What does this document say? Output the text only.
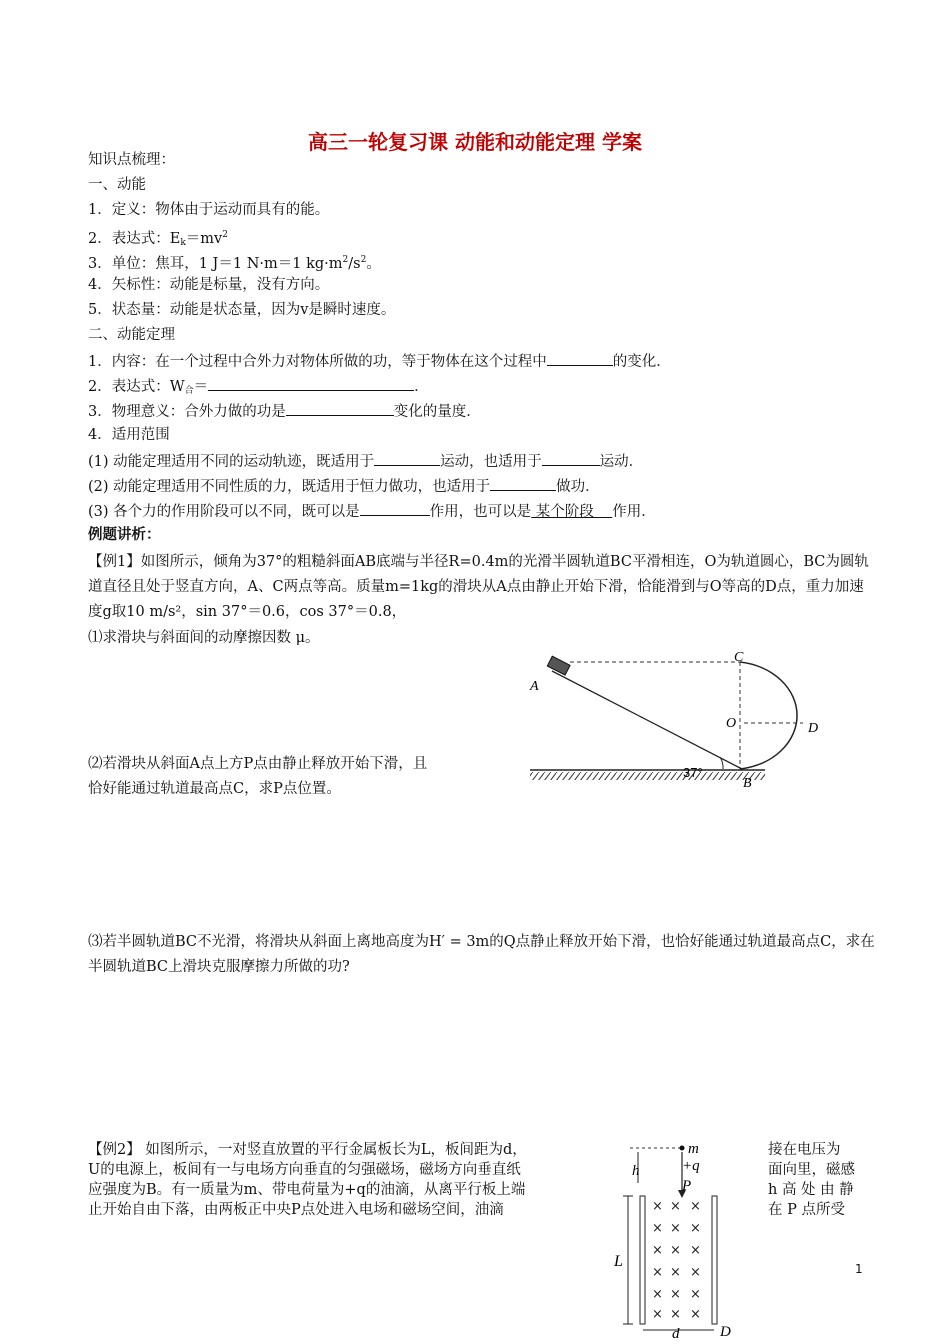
高三一轮复习课 动能和动能定理 学案
知识点梳理：
一、动能
1．定义：物体由于运动而具有的能。
2．表达式：$Ek=mv^2$
3．单位：焦耳，1 J＝1 N·m＝1 $kg\cdot m^2/s^2$。
4．矢标性：动能是标量，没有方向。
5．状态量：动能是状态量，因为v是瞬时速度。
二、动能定理
1．内容：在一个过程中合外力对物体所做的功，等于物体在这个过程中	的变化．
2．表达式：W合＝	．
3．物理意义：合外力做的功是	变化的量度．
4．适用范围
(1) 动能定理适用不同的运动轨迹，既适用于	运动，也适用于	运动．
(2) 动能定理适用不同性质的力，既适用于恒力做功，也适用于	做功．
(3) 各个力的作用阶段可以不同，既可以是	作用，也可以是 某个阶段    作用．
例题讲析：
【例1】如图所示，倾角为37°的粗糙斜面AB底端与半径R=0.4m的光滑半圆轨道BC平滑相连，O为轨道圆心，BC为圆轨道直径且处于竖直方向，A、C两点等高。质量m=1kg的滑块从A点由静止开始下滑，恰能滑到与O等高的D点，重力加速度g取10 m/s²，sin 37°＝0.6，cos 37°＝0.8，
⑴求滑块与斜面间的动摩擦因数 μ。
A
C
O	D
B
37°
⑵若滑块从斜面A点上方P点由静止释放开始下滑，且
恰好能通过轨道最高点C，求P点位置。
⑶若半圆轨道BC不光滑，将滑块从斜面上离地高度为H′ = 3m的Q点静止释放开始下滑，也恰好能通过轨道最高点C，求在半圆轨道BC上滑块克服摩擦力所做的功?
【例2】 如图所示，一对竖直放置的平行金属板长为L，板间距为d，
U的电源上，板间有一与电场方向垂直的匀强磁场，磁场方向垂直纸
应强度为B。有一质量为m、带电荷量为+q的油滴，从离平行板上端
止开始自由下落，由两板正中央P点处进入电场和磁场空间，油滴
接在电压为
面向里，磁感
h 高 处 由 静
在 P 点所受
m
+q
P
h
L
× × ×
× × ×
× × ×
× × ×
× × ×
× × ×
d	D
1
